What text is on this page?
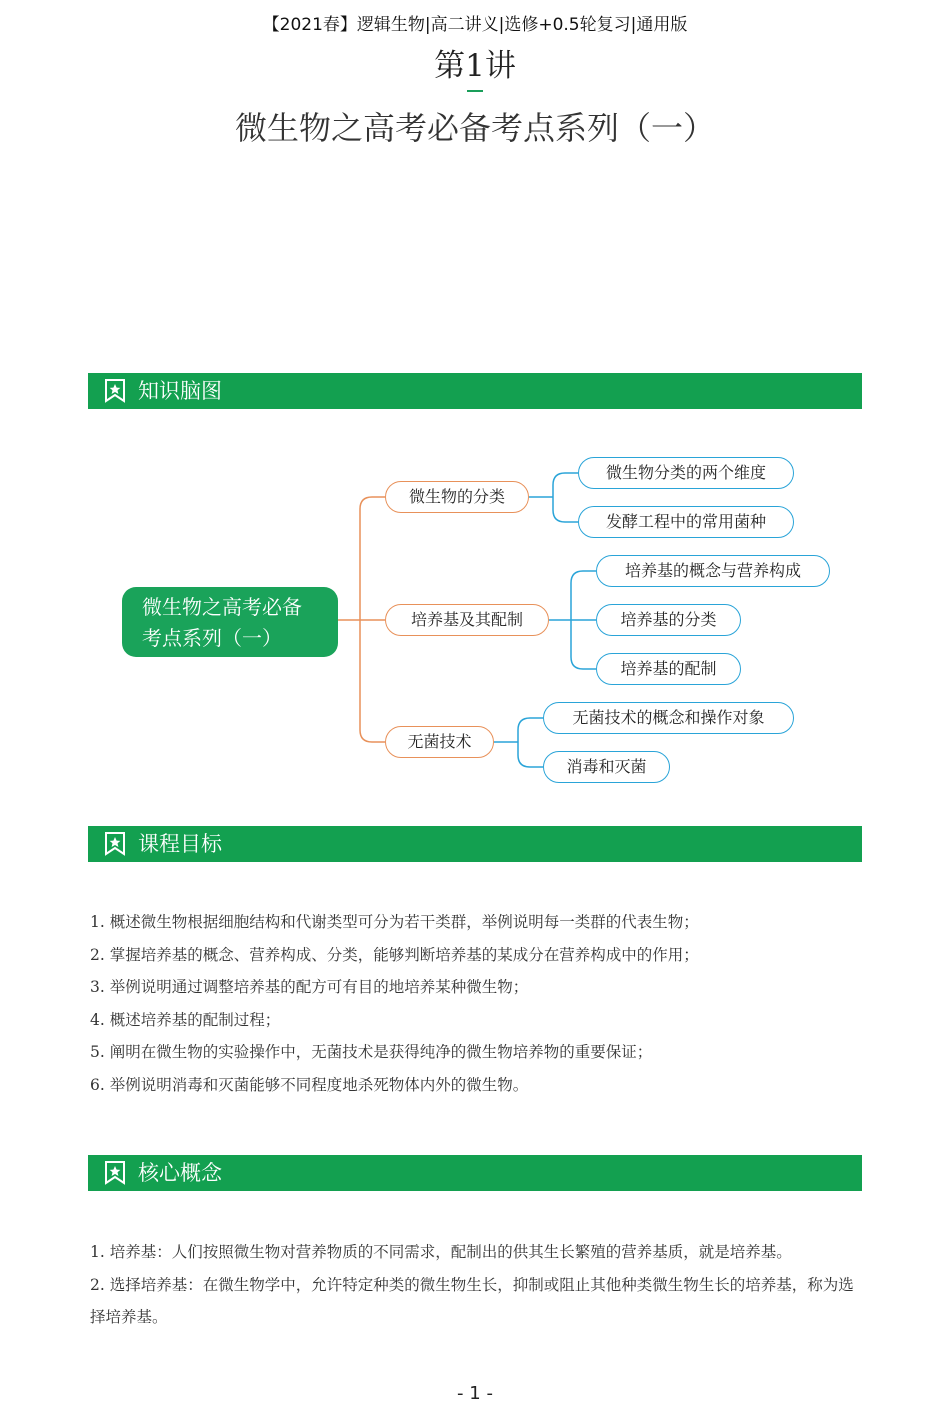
【2021春】逻辑生物|高二讲义|选修+0.5轮复习|通用版
第1讲
微生物之高考必备考点系列（一）
知识脑图
微生物之高考必备
考点系列（一）
微生物的分类
培养基及其配制
无菌技术
微生物分类的两个维度
发酵工程中的常用菌种
培养基的概念与营养构成
培养基的分类
培养基的配制
无菌技术的概念和操作对象
消毒和灭菌
课程目标
1. 概述微生物根据细胞结构和代谢类型可分为若干类群，举例说明每一类群的代表生物；
2. 掌握培养基的概念、营养构成、分类，能够判断培养基的某成分在营养构成中的作用；
3. 举例说明通过调整培养基的配方可有目的地培养某种微生物；
4. 概述培养基的配制过程；
5. 阐明在微生物的实验操作中，无菌技术是获得纯净的微生物培养物的重要保证；
6. 举例说明消毒和灭菌能够不同程度地杀死物体内外的微生物。
核心概念
1. 培养基：人们按照微生物对营养物质的不同需求，配制出的供其生长繁殖的营养基质，就是培养基。
2. 选择培养基：在微生物学中，允许特定种类的微生物生长，抑制或阻止其他种类微生物生长的培养基，称为选择培养基。
- 1 -
